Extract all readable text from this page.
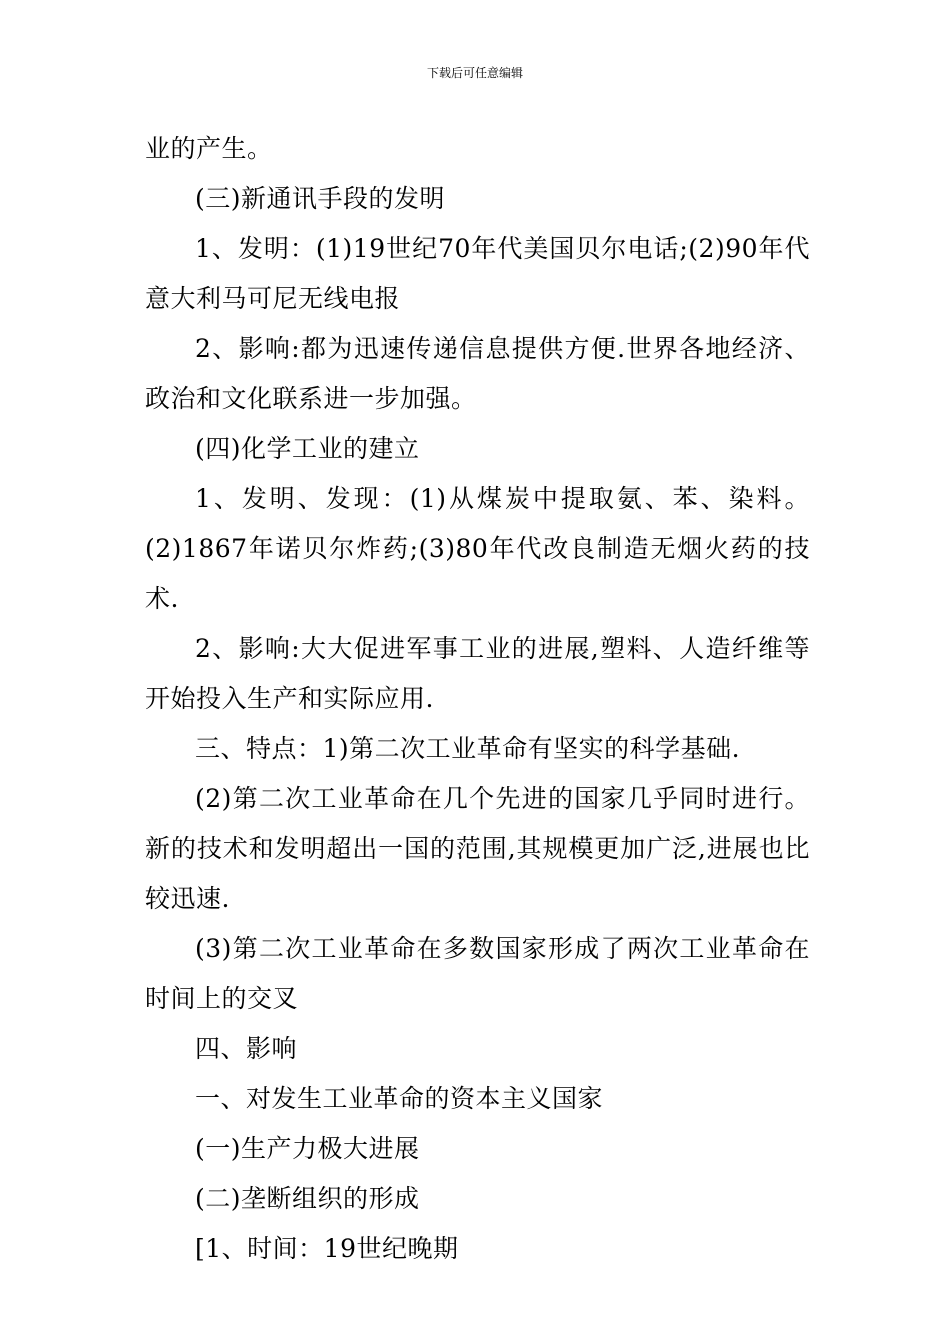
下载后可任意编辑

业的产生。

(三)新通讯手段的发明

1、发明：(1)19世纪70年代美国贝尔电话;(2)90年代意大利马可尼无线电报

2、影响:都为迅速传递信息提供方便.世界各地经济、政治和文化联系进一步加强。

(四)化学工业的建立

1、发明、发现：(1)从煤炭中提取氨、苯、染料。(2)1867年诺贝尔炸药;(3)80年代改良制造无烟火药的技术.

2、影响:大大促进军事工业的进展,塑料、人造纤维等开始投入生产和实际应用.

三、特点：1)第二次工业革命有坚实的科学基础.

(2)第二次工业革命在几个先进的国家几乎同时进行。新的技术和发明超出一国的范围,其规模更加广泛,进展也比较迅速.

(3)第二次工业革命在多数国家形成了两次工业革命在时间上的交叉

四、影响

一、对发生工业革命的资本主义国家

(一)生产力极大进展

(二)垄断组织的形成

[1、时间：19世纪晚期
